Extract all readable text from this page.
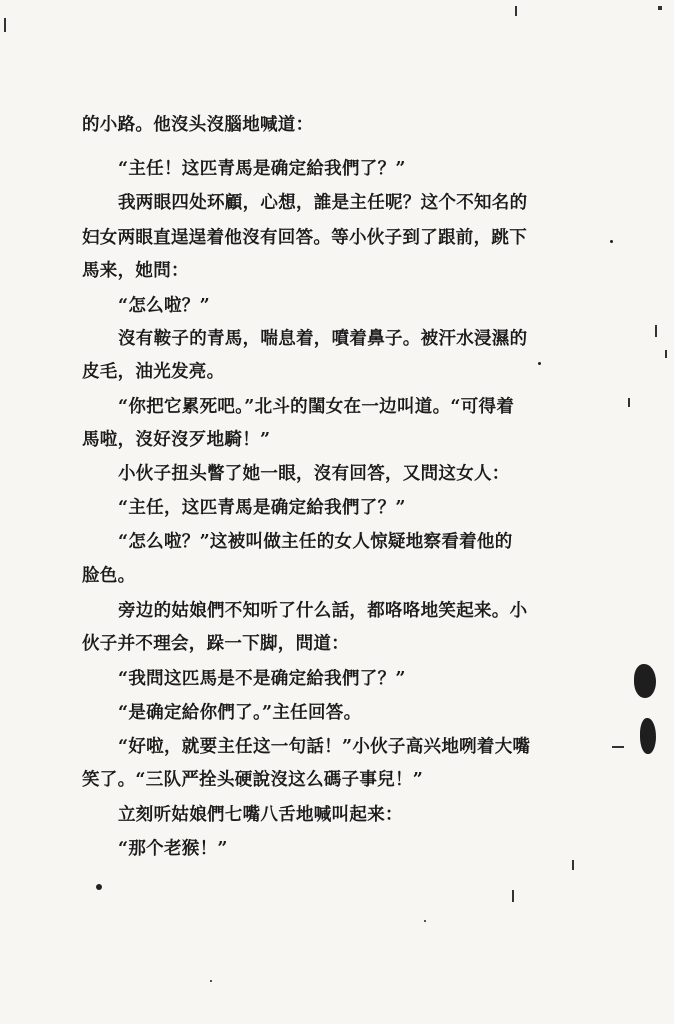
的小路。他沒头沒腦地喊道：
“主任！这匹青馬是确定給我們了？”
我两眼四处环顧，心想，誰是主任呢？这个不知名的
妇女两眼直逞逞着他沒有回答。等小伙子到了跟前，跳下
馬来，她問：
“怎么啦？”
沒有鞍子的青馬，喘息着，噴着鼻子。被汗水浸濕的
皮毛，油光发亮。
“你把它累死吧。”北斗的閨女在一边叫道。“可得着
馬啦，沒好沒歹地騎！”
小伙子扭头瞥了她一眼，沒有回答，又問这女人：
“主任，这匹青馬是确定給我們了？”
“怎么啦？”这被叫做主任的女人惊疑地察看着他的
脸色。
旁边的姑娘們不知听了什么話，都咯咯地笑起来。小
伙子并不理会，跺一下脚，問道：
“我問这匹馬是不是确定給我們了？”
“是确定給你們了。”主任回答。
“好啦，就要主任这一句話！”小伙子高兴地咧着大嘴
笑了。“三队严拴头硬說沒这么碼子事兒！”
立刻听姑娘們七嘴八舌地喊叫起来：
“那个老猴！”
